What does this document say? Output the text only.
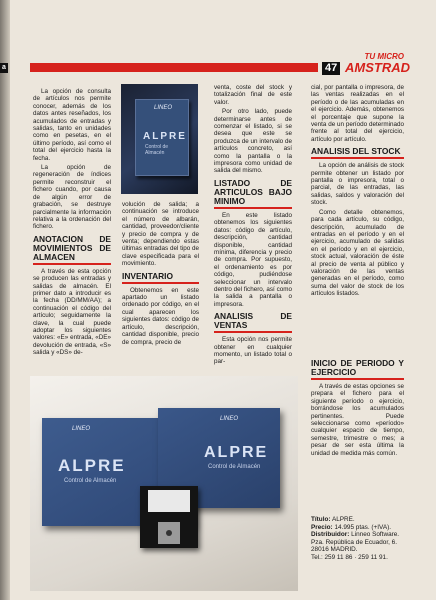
a
TU MICRO
47 AMSTRAD

La opción de consulta de artículos nos permite conocer, además de los datos antes reseñados, los acumulados de entradas y salidas, tanto en unidades como en pesetas, en el último período, así como el total del ejercicio hasta la fecha.

La opción de regeneración de índices permite reconstruir el fichero cuando, por causa de algún error de grabación, se destruye parcialmente la información relativa a la ordenación del fichero.

ANOTACION DE MOVIMIENTOS DE ALMACEN

A través de esta opción se producen las entradas y salidas de almacén. El primer dato a introducir es la fecha (DD/MM/AA); a continuación el código del artículo; seguidamente la clave, la cual puede adoptar los siguientes valores: «E» entrada, «DE» devolución de entrada, «S» salida y «DS» de-

LINEO
ALPRE
Control de Almacén

volución de salida; a continuación se introduce el número de albarán, cantidad, proveedor/cliente y precio de compra y de venta; dependiendo estas últimas entradas del tipo de clave especificada para el movimiento.

INVENTARIO

Obtenemos en este apartado un listado ordenado por código, en el cual aparecen los siguientes datos: código de artículo, descripción, cantidad disponible, precio de compra, precio de

venta, coste del stock y totalización final de este valor.

Por otro lado, puede determinarse antes de comenzar el listado, si se desea que este se produzca de un intervalo de artículos concreto, así como la pantalla o la impresora como unidad de salida del mismo.

LISTADO DE ARTICULOS BAJO MINIMO

En este listado obtenemos los siguientes datos: código de artículo, descripción, cantidad disponible, cantidad mínima, diferencia y precio de compra. Por supuesto, el ordenamiento es por código, pudiéndose seleccionar un intervalo dentro del fichero, así como la salida a pantalla o impresora.

ANALISIS DE VENTAS

Esta opción nos permite obtener en cualquier momento, un listado total o par-

cial, por pantalla o impresora, de las ventas realizadas en el período o de las acumuladas en el ejercicio. Además, obtenemos el porcentaje que supone la venta de un período determinado frente al total del ejercicio, artículo por artículo.

ANALISIS DEL STOCK

La opción de análisis de stock permite obtener un listado por pantalla o impresora, total o parcial, de las entradas, las salidas, saldos y valoración del stock.

Como detalle obtenemos, para cada artículo, su código, descripción, acumulado de entradas en el período y en el ejercicio, acumulado de salidas en el período y en el ejercicio, stock actual, valoración de éste al precio de venta al público y valoración de las ventas generadas en el período, como suma del valor de stock de los artículos listados.

INICIO DE PERIODO Y EJERCICIO

A través de estas opciones se prepara el fichero para el siguiente período o ejercicio, borrándose los acumulados pertinentes. Puede seleccionarse como «período» cualquier espacio de tiempo, semestre, trimestre o mes; a pesar de ser esta última la unidad de medida más común.

LINEO
ALPRE
Control de Almacén
LINEO
ALPRE
Control de Almacén
Título: ALPRE.
Precio: 14.995 ptas. (+IVA).
Distribuidor: Linneo Software.
Pza. República de Ecuador, 6.
28016 MADRID.
Tel.: 259 11 86 · 259 11 91.
